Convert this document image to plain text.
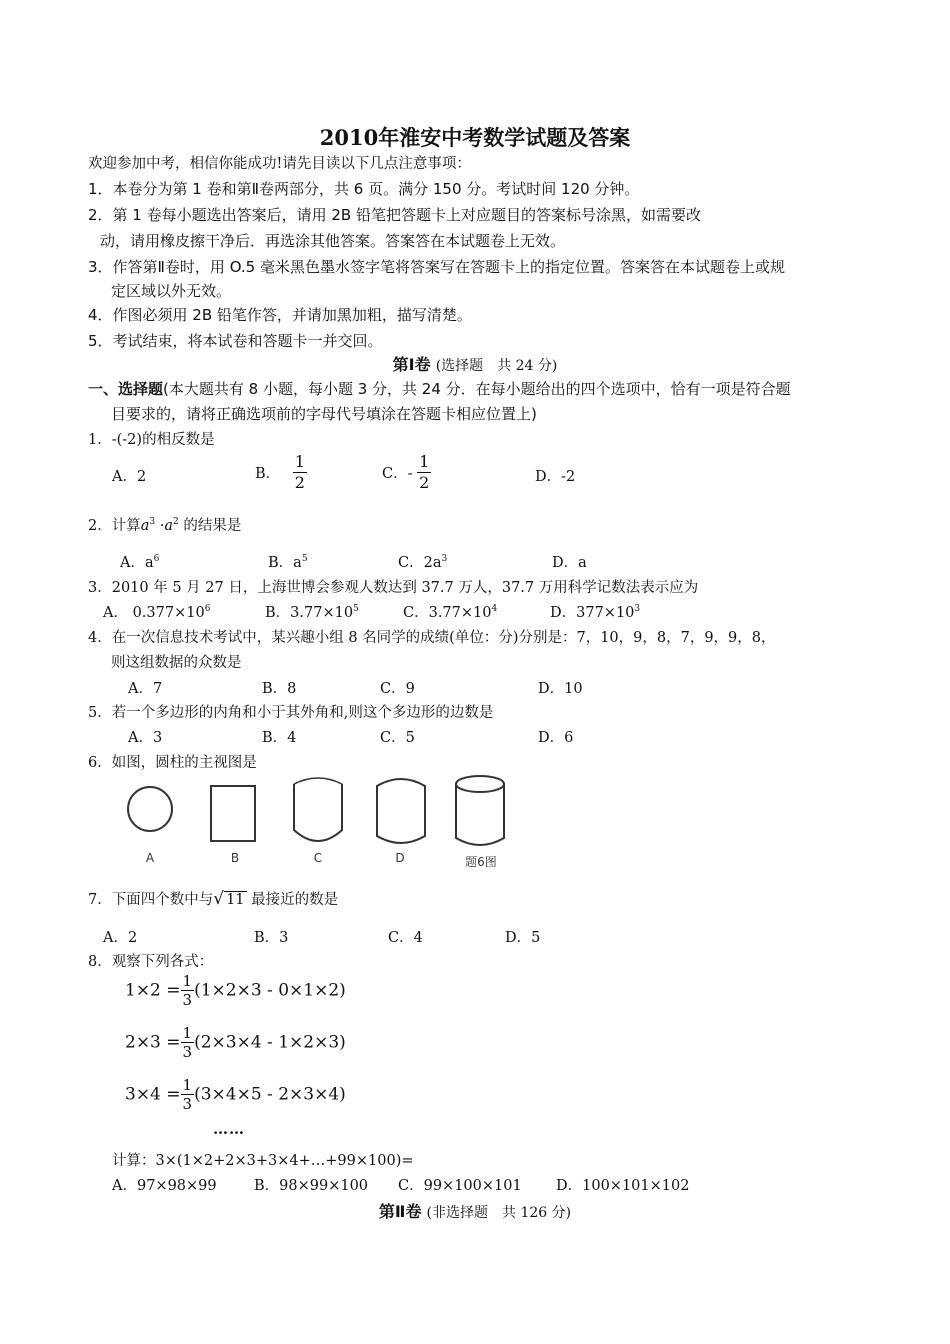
2010年淮安中考数学试题及答案
欢迎参加中考，相信你能成功!请先目读以下几点注意事项：
1．本卷分为第 1 卷和第Ⅱ卷两部分，共 6 页。满分 150 分。考试时间 120 分钟。
2．第 1 卷每小题选出答案后，请用 2B 铅笔把答题卡上对应题目的答案标号涂黑，如需要改
动，请用橡皮擦干净后．再选涂其他答案。答案答在本试题卷上无效。
3．作答第Ⅱ卷时，用 O.5 毫米黑色墨水签字笔将答案写在答题卡上的指定位置。答案答在本试题卷上或规
定区域以外无效。
4．作图必须用 2B 铅笔作答，并请加黑加粗，描写清楚。
5．考试结束，将本试卷和答题卡一并交回。
第Ⅰ卷 (选择题　共 24 分)
一、选择题(本大题共有 8 小题，每小题 3 分，共 24 分．在每小题给出的四个选项中，恰有一项是符合题
目要求的，请将正确选项前的字母代号填涂在答题卡相应位置上)
1．-(-2)的相反数是
A．2	B． $\frac{1}{2}$	C．- $\frac{1}{2}$	D．-2
2．计算$a^3 \cdot a^2$ 的结果是
A．$a^6$	B．$a^5$	C．$2a^3$	D．a
3．2010 年 5 月 27 日，上海世博会参观人数达到 37.7 万人，37.7 万用科学记数法表示应为
A． $0.377\times 10^6$	B．$3.77\times 10^5$	C．$3.77\times 10^4$	D．$377\times 10^3$
4．在一次信息技术考试中，某兴趣小组 8 名同学的成绩(单位：分)分别是：7，10，9，8，7，9，9，8，
则这组数据的众数是
A．7	B．8	C．9	D．10
5．若一个多边形的内角和小于其外角和,则这个多边形的边数是
A．3	B．4	C．5	D．6
6．如图，圆柱的主视图是
A	B	C	D	题6图
7．下面四个数中与√ 11 最接近的数是
A．2	B．3	C．4	D．5
8．观察下列各式：
$1\times 2 = \frac{1}{3} (1\times 2\times 3 - 0\times 1\times 2)$
$2\times 3 = \frac{1}{3} (2\times 3\times 4 - 1\times 2\times 3)$
$3\times 4 = \frac{1}{3} (3\times 4\times 5 - 2\times 3\times 4)$
……
计算：3×(1×2+2×3+3×4+…+99×100)=
A．97×98×99	B．98×99×100 C．99×100×101 D．100×101×102
第Ⅱ卷 (非选择题　共 126 分)
